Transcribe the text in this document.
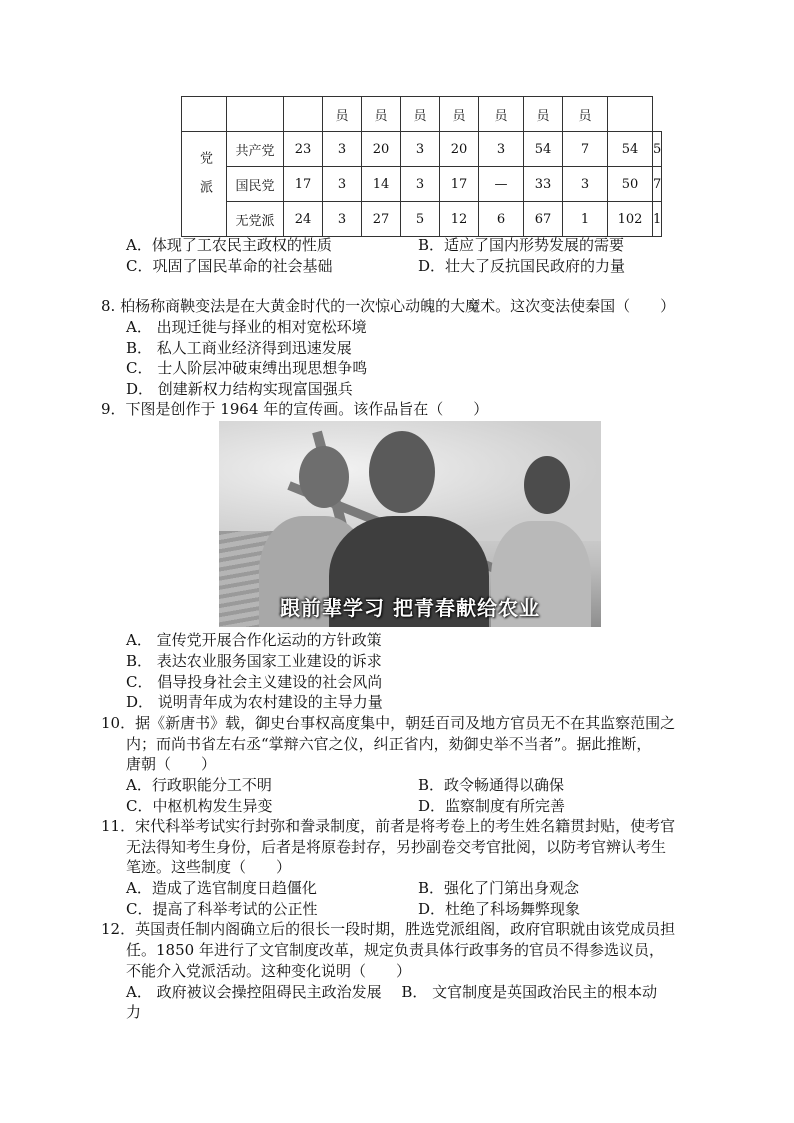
			员	员	员	员	员	员	员		
党派	共产党	23	3	20	3	20	3	54	7	54	5
	国民党	17	3	14	3	17	—	33	3	50	7
	无党派	24	3	27	5	12	6	67	1	102	1
A．体现了工农民主政权的性质	B．适应了国内形势发展的需要
C．巩固了国民革命的社会基础	D．壮大了反抗国民政府的力量
8. 柏杨称商鞅变法是在大黄金时代的一次惊心动魄的大魔术。这次变法使秦国（　　）
A． 出现迁徙与择业的相对宽松环境
B． 私人工商业经济得到迅速发展
C． 士人阶层冲破束缚出现思想争鸣
D． 创建新权力结构实现富国强兵
9．下图是创作于 1964 年的宣传画。该作品旨在（　　）
跟前辈学习 把青春献给农业
A． 宣传党开展合作化运动的方针政策
B． 表达农业服务国家工业建设的诉求
C． 倡导投身社会主义建设的社会风尚
D． 说明青年成为农村建设的主导力量
10．据《新唐书》载，御史台事权高度集中，朝廷百司及地方官员无不在其监察范围之
内；而尚书省左右丞“掌辩六官之仪，纠正省内，劾御史举不当者”。据此推断，
唐朝（　　）
A．行政职能分工不明	B．政令畅通得以确保
C．中枢机构发生异变	D．监察制度有所完善
11．宋代科举考试实行封弥和誊录制度，前者是将考卷上的考生姓名籍贯封贴，使考官
无法得知考生身份，后者是将原卷封存，另抄副卷交考官批阅，以防考官辨认考生
笔迹。这些制度（　　）
A．造成了选官制度日趋僵化	B．强化了门第出身观念
C．提高了科举考试的公正性	D．杜绝了科场舞弊现象
12．英国责任制内阁确立后的很长一段时期，胜选党派组阁，政府官职就由该党成员担
任。1850 年进行了文官制度改革，规定负责具体行政事务的官员不得参选议员，
不能介入党派活动。这种变化说明（　　）
A． 政府被议会操控阻碍民主政治发展　 B． 文官制度是英国政治民主的根本动
力
